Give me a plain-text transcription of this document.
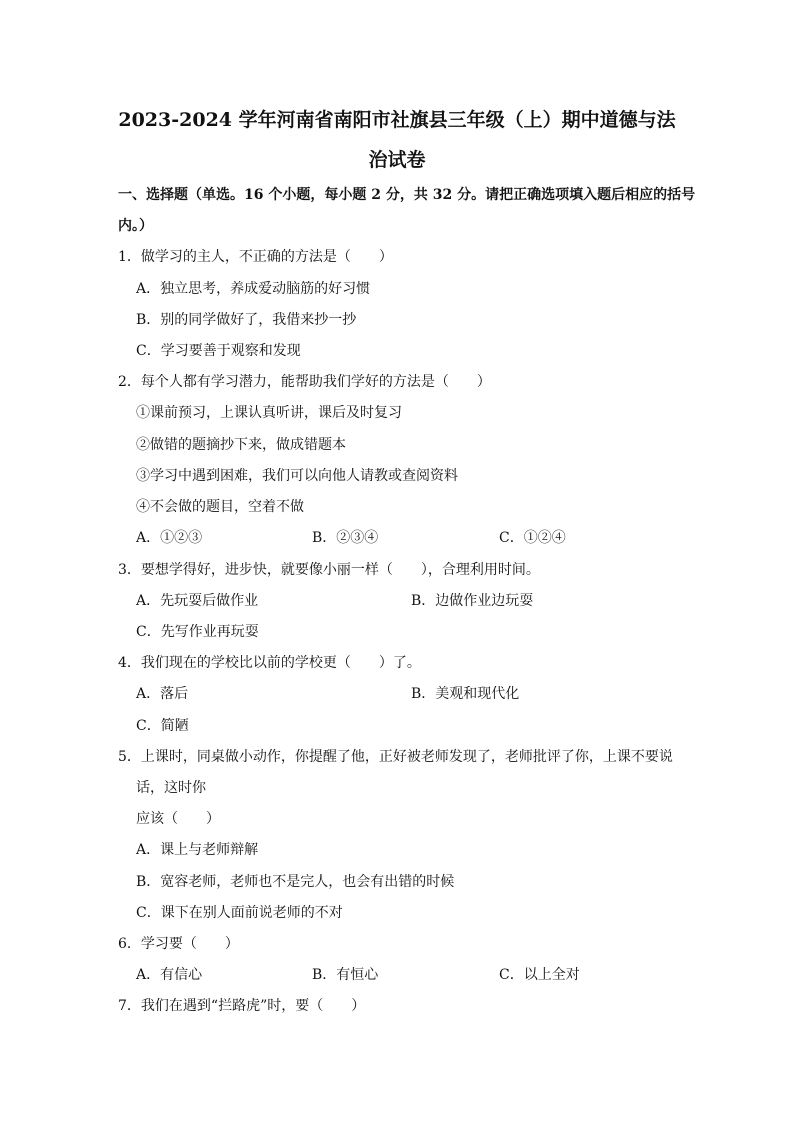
2023-2024 学年河南省南阳市社旗县三年级（上）期中道德与法
治试卷
一、选择题（单选。16 个小题，每小题 2 分，共 32 分。请把正确选项填入题后相应的括号
内。）
1．做学习的主人，不正确的方法是（　　）
A．独立思考，养成爱动脑筋的好习惯
B．别的同学做好了，我借来抄一抄
C．学习要善于观察和发现
2．每个人都有学习潜力，能帮助我们学好的方法是（　　）
①课前预习，上课认真听讲，课后及时复习
②做错的题摘抄下来，做成错题本
③学习中遇到困难，我们可以向他人请教或查阅资料
④不会做的题目，空着不做
A．①②③	B．②③④	C．①②④
3．要想学得好，进步快，就要像小丽一样（　　），合理利用时间。
A．先玩耍后做作业	B．边做作业边玩耍
C．先写作业再玩耍
4．我们现在的学校比以前的学校更（　　）了。
A．落后	B．美观和现代化
C．简陋
5．上课时，同桌做小动作，你提醒了他，正好被老师发现了，老师批评了你，上课不要说
话，这时你
应该（　　）
A．课上与老师辩解
B．宽容老师，老师也不是完人，也会有出错的时候
C．课下在别人面前说老师的不对
6．学习要（　　）
A．有信心	B．有恒心	C．以上全对
7．我们在遇到“拦路虎”时，要（　　）
